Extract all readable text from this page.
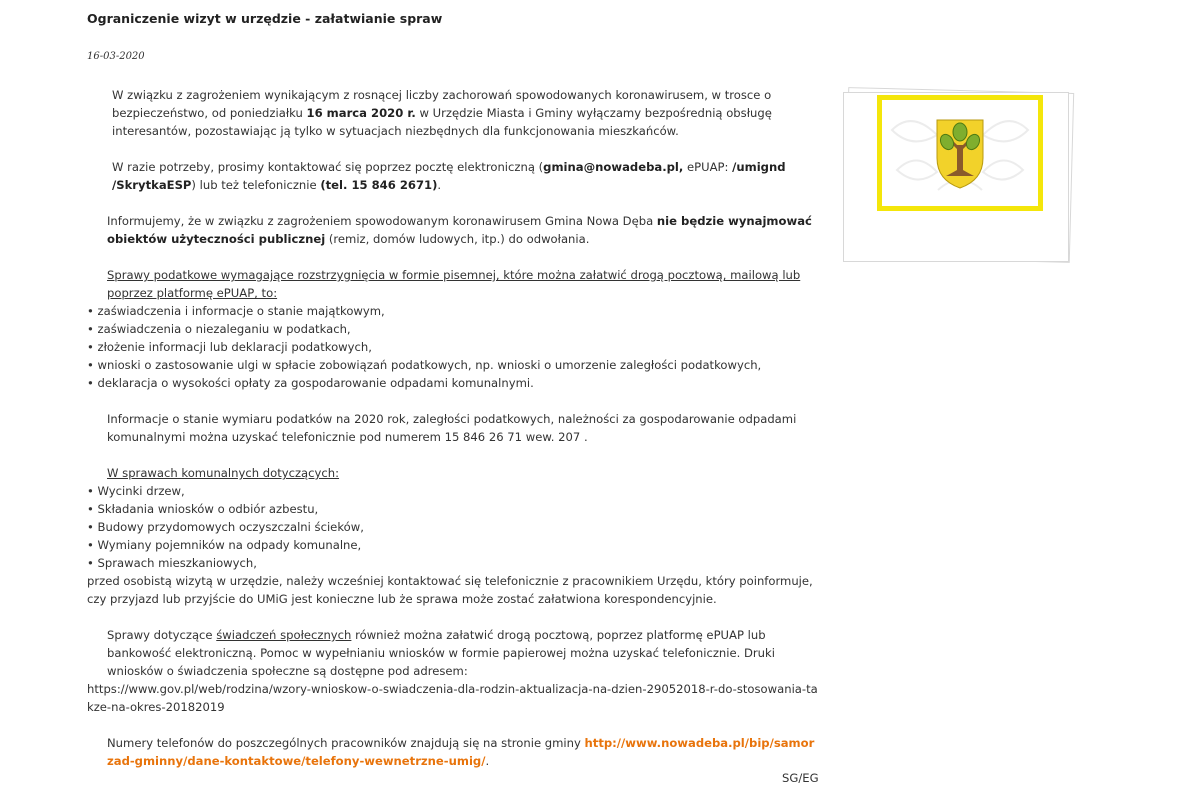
Ograniczenie wizyt w urzędzie - załatwianie spraw
16-03-2020

W związku z zagrożeniem wynikającym z rosnącej liczby zachorowań spowodowanych koronawirusem, w trosce o bezpieczeństwo, od poniedziałku 16 marca 2020 r. w Urzędzie Miasta i Gminy wyłączamy bezpośrednią obsługę interesantów, pozostawiając ją tylko w sytuacjach niezbędnych dla funkcjonowania mieszkańców.

W razie potrzeby, prosimy kontaktować się poprzez pocztę elektroniczną (gmina@nowadeba.pl, ePUAP: /umignd /SkrytkaESP) lub też telefonicznie (tel. 15 846 2671).

Informujemy, że w związku z zagrożeniem spowodowanym koronawirusem Gmina Nowa Dęba nie będzie wynajmować obiektów użyteczności publicznej (remiz, domów ludowych, itp.) do odwołania.

Sprawy podatkowe wymagające rozstrzygnięcia w formie pisemnej, które można załatwić drogą pocztową, mailową lub poprzez platformę ePUAP, to:
• zaświadczenia i informacje o stanie majątkowym,
• zaświadczenia o niezaleganiu w podatkach,
• złożenie informacji lub deklaracji podatkowych,
• wnioski o zastosowanie ulgi w spłacie zobowiązań podatkowych, np. wnioski o umorzenie zaległości podatkowych,
• deklaracja o wysokości opłaty za gospodarowanie odpadami komunalnymi.

Informacje o stanie wymiaru podatków na 2020 rok, zaległości podatkowych, należności za gospodarowanie odpadami komunalnymi można uzyskać telefonicznie pod numerem 15 846 26 71 wew. 207 .

W sprawach komunalnych dotyczących:
• Wycinki drzew,
• Składania wniosków o odbiór azbestu,
• Budowy przydomowych oczyszczalni ścieków,
• Wymiany pojemników na odpady komunalne,
• Sprawach mieszkaniowych,
przed osobistą wizytą w urzędzie, należy wcześniej kontaktować się telefonicznie z pracownikiem Urzędu, który poinformuje, czy przyjazd lub przyjście do UMiG jest konieczne lub że sprawa może zostać załatwiona korespondencyjnie.

Sprawy dotyczące świadczeń społecznych również można załatwić drogą pocztową, poprzez platformę ePUAP lub bankowość elektroniczną. Pomoc w wypełnianiu wniosków w formie papierowej można uzyskać telefonicznie. Druki wniosków o świadczenia społeczne są dostępne pod adresem:
https://www.gov.pl/web/rodzina/wzory-wnioskow-o-swiadczenia-dla-rodzin-aktualizacja-na-dzien-29052018-r-do-stosowania-takze-na-okres-20182019

Numery telefonów do poszczególnych pracowników znajdują się na stronie gminy http://www.nowadeba.pl/bip/samorzad-gminny/dane-kontaktowe/telefony-wewnetrzne-umig/.

SG/EG
